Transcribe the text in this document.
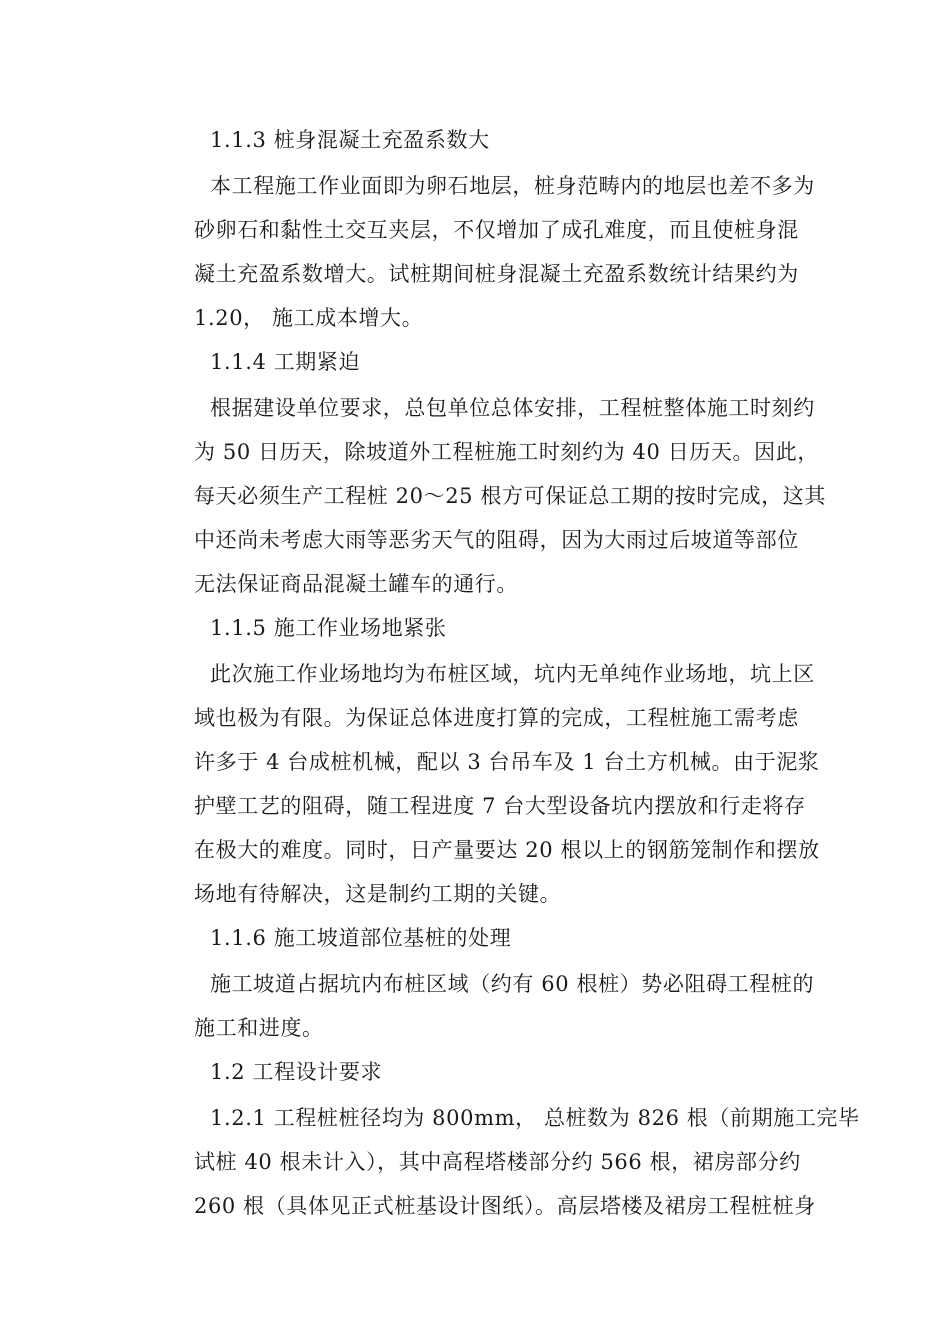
1.1.3 桩身混凝土充盈系数大
本工程施工作业面即为卵石地层，桩身范畴内的地层也差不多为
砂卵石和黏性土交互夹层，不仅增加了成孔难度，而且使桩身混
凝土充盈系数增大。试桩期间桩身混凝土充盈系数统计结果约为
1.20， 施工成本增大。
1.1.4 工期紧迫
根据建设单位要求，总包单位总体安排，工程桩整体施工时刻约
为 50 日历天，除坡道外工程桩施工时刻约为 40 日历天。因此，
每天必须生产工程桩 20～25 根方可保证总工期的按时完成，这其
中还尚未考虑大雨等恶劣天气的阻碍，因为大雨过后坡道等部位
无法保证商品混凝土罐车的通行。
1.1.5 施工作业场地紧张
此次施工作业场地均为布桩区域，坑内无单纯作业场地，坑上区
域也极为有限。为保证总体进度打算的完成，工程桩施工需考虑
许多于 4 台成桩机械，配以 3 台吊车及 1 台土方机械。由于泥浆
护壁工艺的阻碍，随工程进度 7 台大型设备坑内摆放和行走将存
在极大的难度。同时，日产量要达 20 根以上的钢筋笼制作和摆放
场地有待解决，这是制约工期的关键。
1.1.6 施工坡道部位基桩的处理
施工坡道占据坑内布桩区域（约有 60 根桩）势必阻碍工程桩的
施工和进度。
1.2 工程设计要求
1.2.1 工程桩桩径均为 800mm， 总桩数为 826 根（前期施工完毕
试桩 40 根未计入），其中高程塔楼部分约 566 根，裙房部分约
260 根（具体见正式桩基设计图纸）。高层塔楼及裙房工程桩桩身
